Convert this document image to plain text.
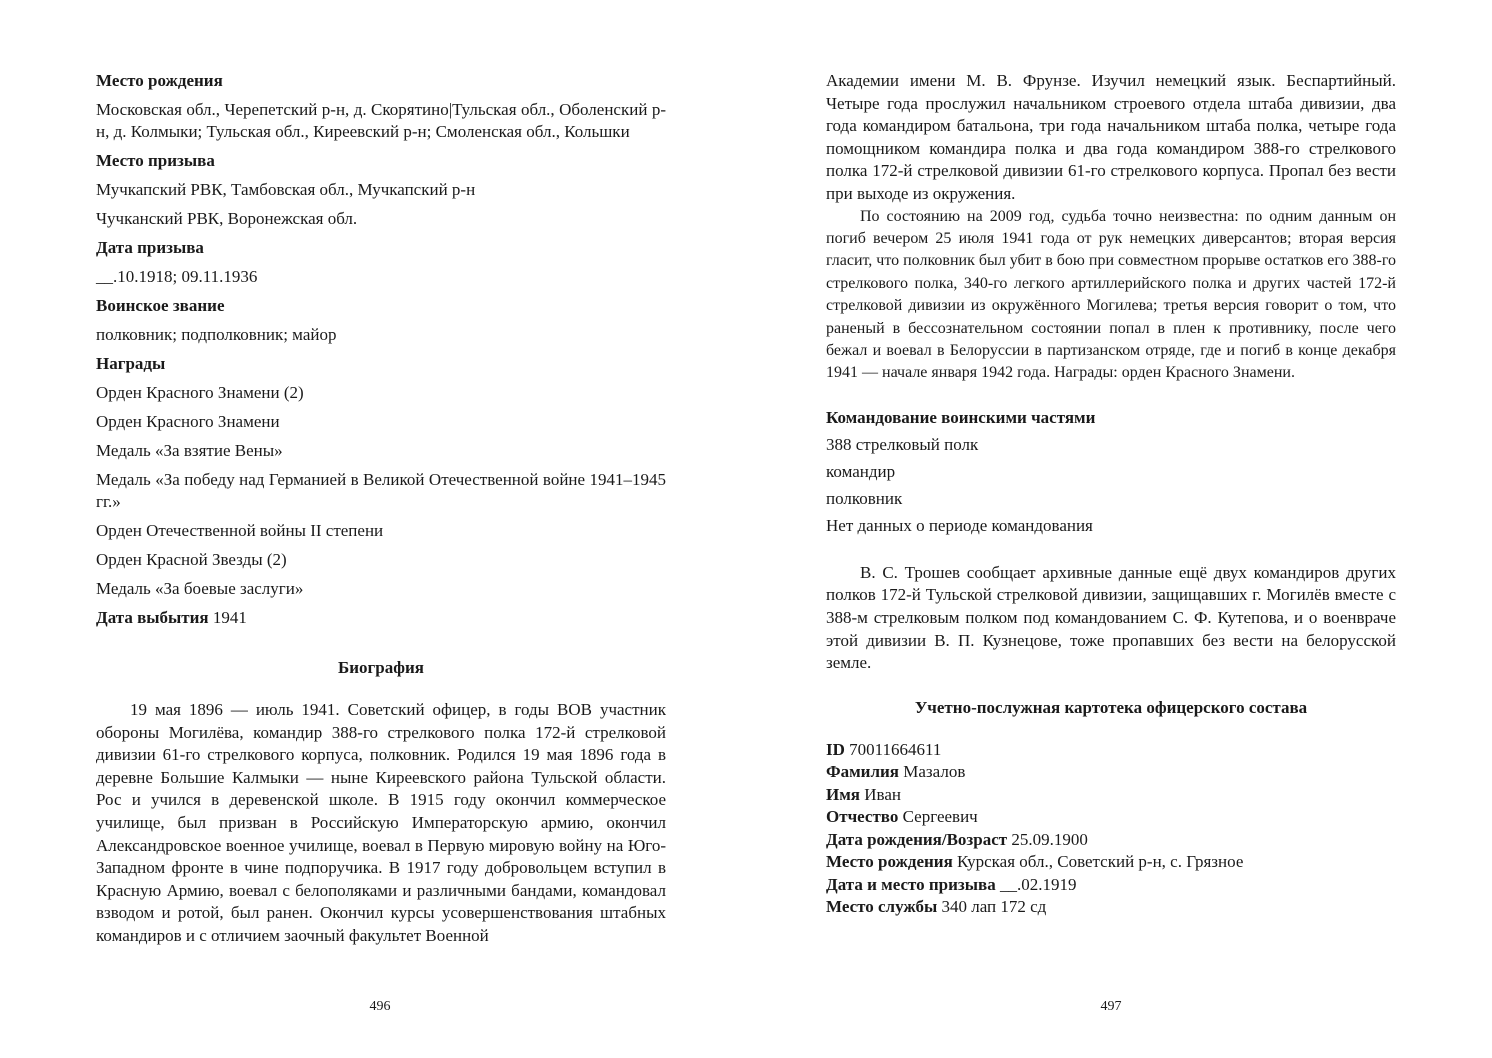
Место рождения
Московская обл., Черепетский р-н, д. Скорятино|Тульская обл., Оболенский р-н, д. Колмыки; Тульская обл., Киреевский р-н; Смоленская обл., Кольшки
Место призыва
Мучкапский РВК, Тамбовская обл., Мучкапский р-н
Чучканский РВК, Воронежская обл.
Дата призыва
__.10.1918; 09.11.1936
Воинское звание
полковник; подполковник; майор
Награды
Орден Красного Знамени (2)
Орден Красного Знамени
Медаль «За взятие Вены»
Медаль «За победу над Германией в Великой Отечественной войне 1941–1945 гг.»
Орден Отечественной войны II степени
Орден Красной Звезды (2)
Медаль «За боевые заслуги»
Дата выбытия 1941
Биография

19 мая 1896 — июль 1941. Советский офицер, в годы ВОВ участник обороны Могилёва, командир 388-го стрелкового полка 172-й стрелковой дивизии 61-го стрелкового корпуса, полковник. Родился 19 мая 1896 года в деревне Большие Калмыки — ныне Киреевского района Тульской области. Рос и учился в деревенской школе. В 1915 году окончил коммерческое училище, был призван в Российскую Императорскую армию, окончил Александровское военное училище, воевал в Первую мировую войну на Юго-Западном фронте в чине подпоручика. В 1917 году добровольцем вступил в Красную Армию, воевал с белополяками и различными бандами, командовал взводом и ротой, был ранен. Окончил курсы усовершенствования штабных командиров и с отличием заочный факультет Военной

496

Академии имени М. В. Фрунзе. Изучил немецкий язык. Беспартийный. Четыре года прослужил начальником строевого отдела штаба дивизии, два года командиром батальона, три года начальником штаба полка, четыре года помощником командира полка и два года командиром 388-го стрелкового полка 172-й стрелковой дивизии 61-го стрелкового корпуса. Пропал без вести при выходе из окружения.

По состоянию на 2009 год, судьба точно неизвестна: по одним данным он погиб вечером 25 июля 1941 года от рук немецких диверсантов; вторая версия гласит, что полковник был убит в бою при совместном прорыве остатков его 388-го стрелкового полка, 340-го легкого артиллерийского полка и других частей 172-й стрелковой дивизии из окружённого Могилева; третья версия говорит о том, что раненый в бессознательном состоянии попал в плен к противнику, после чего бежал и воевал в Белоруссии в партизанском отряде, где и погиб в конце декабря 1941 — начале января 1942 года. Награды: орден Красного Знамени.

Командование воинскими частями
388 стрелковый полк
командир
полковник
Нет данных о периоде командования

В. С. Трошев сообщает архивные данные ещё двух командиров других полков 172-й Тульской стрелковой дивизии, защищавших г. Могилёв вместе с 388-м стрелковым полком под командованием С. Ф. Кутепова, и о военвраче этой дивизии В. П. Кузнецове, тоже пропавших без вести на белорусской земле.

Учетно-послужная картотека офицерского состава
ID 70011664611
Фамилия Мазалов
Имя Иван
Отчество Сергеевич
Дата рождения/Возраст 25.09.1900
Место рождения Курская обл., Советский р-н, с. Грязное
Дата и место призыва __.02.1919
Место службы 340 лап 172 сд
497
